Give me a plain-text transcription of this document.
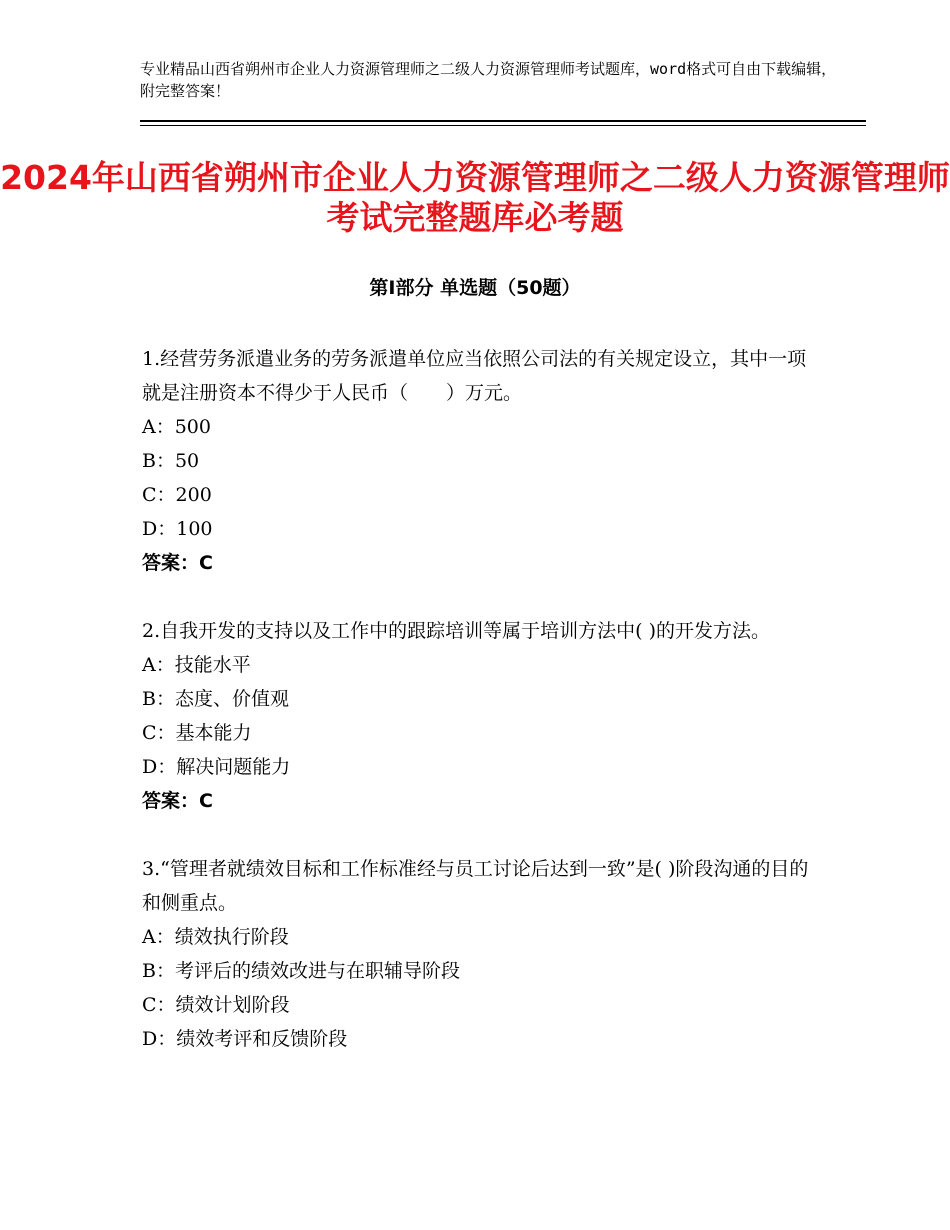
专业精品山西省朔州市企业人力资源管理师之二级人力资源管理师考试题库，word格式可自由下载编辑，附完整答案！
2024年山西省朔州市企业人力资源管理师之二级人力资源管理师考试完整题库必考题
第Ⅰ部分 单选题（50题）

1.经营劳务派遣业务的劳务派遣单位应当依照公司法的有关规定设立，其中一项就是注册资本不得少于人民币（　　）万元。

A：500

B：50

C：200

D：100

答案：C

2.自我开发的支持以及工作中的跟踪培训等属于培训方法中( )的开发方法。

A：技能水平

B：态度、价值观

C：基本能力

D：解决问题能力

答案：C

3.“管理者就绩效目标和工作标准经与员工讨论后达到一致”是( )阶段沟通的目的和侧重点。

A：绩效执行阶段

B：考评后的绩效改进与在职辅导阶段

C：绩效计划阶段

D：绩效考评和反馈阶段
